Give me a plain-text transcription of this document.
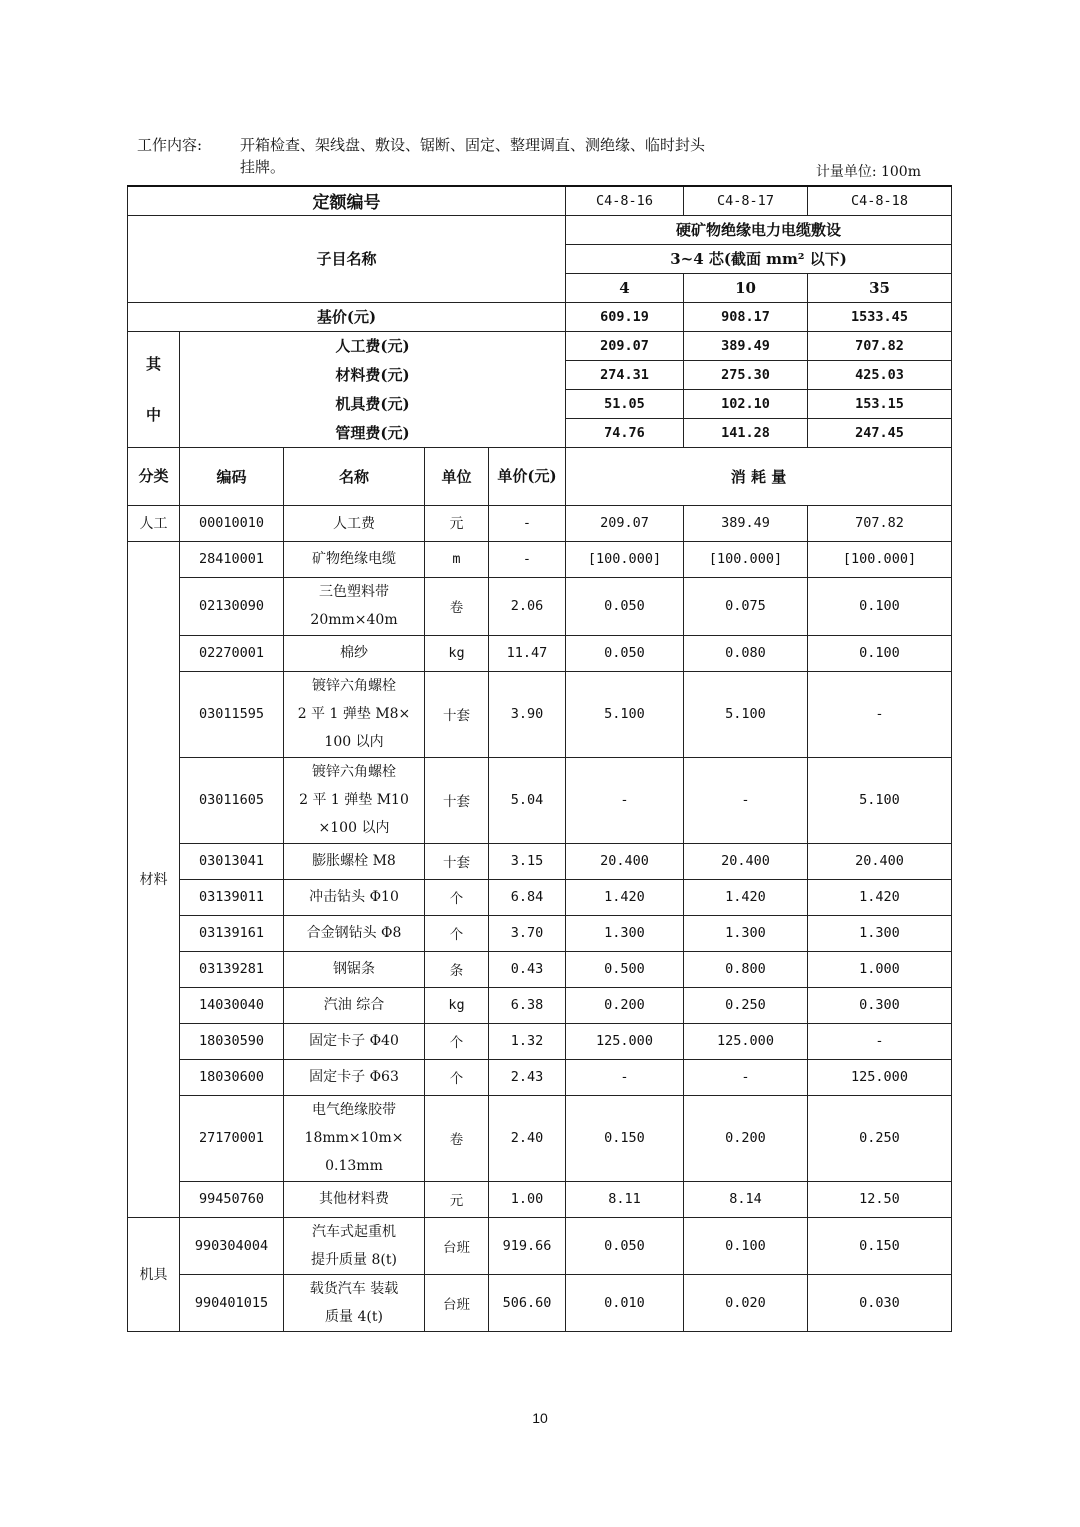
工作内容:	开箱检查、架线盘、敷设、锯断、固定、整理调直、测绝缘、临时封头
挂牌。	计量单位: 100m
定额编号					C4-8-16	C4-8-17	C4-8-18
子目名称					硬矿物绝缘电力电缆敷设		
					3~4 芯(截面 mm² 以下)		
					4	10	35
基价(元)					609.19	908.17	1533.45

其
中	人工费(元)				209.07	389.49	707.82
	材料费(元)				274.31	275.30	425.03
	机具费(元)				51.05	102.10	153.15
	管理费(元)				74.76	141.28	247.45
分类	编码	名称	单位	单价(元)	消 耗 量		
人工	00010010	人工费	元	-	209.07	389.49	707.82
材料	28410001	矿物绝缘电缆	m	-	[100.000]	[100.000]	[100.000]
	02130090	三色塑料带
20mm×40m	卷	2.06	0.050	0.075	0.100
	02270001	棉纱	kg	11.47	0.050	0.080	0.100
	03011595	镀锌六角螺栓
2 平 1 弹垫 M8×
100 以内	十套	3.90	5.100	5.100	-
	03011605	镀锌六角螺栓
2 平 1 弹垫 M10
×100 以内	十套	5.04	-	-	5.100
	03013041	膨胀螺栓 M8	十套	3.15	20.400	20.400	20.400
	03139011	冲击钻头 Φ10	个	6.84	1.420	1.420	1.420
	03139161	合金钢钻头 Φ8	个	3.70	1.300	1.300	1.300
	03139281	钢锯条	条	0.43	0.500	0.800	1.000
	14030040	汽油 综合	kg	6.38	0.200	0.250	0.300
	18030590	固定卡子 Φ40	个	1.32	125.000	125.000	-
	18030600	固定卡子 Φ63	个	2.43	-	-	125.000
	27170001	电气绝缘胶带
18mm×10m×
0.13mm	卷	2.40	0.150	0.200	0.250
	99450760	其他材料费	元	1.00	8.11	8.14	12.50
机具	990304004	汽车式起重机
提升质量 8(t)	台班	919.66	0.050	0.100	0.150
	990401015	载货汽车 装载
质量 4(t)	台班	506.60	0.010	0.020	0.030
10
